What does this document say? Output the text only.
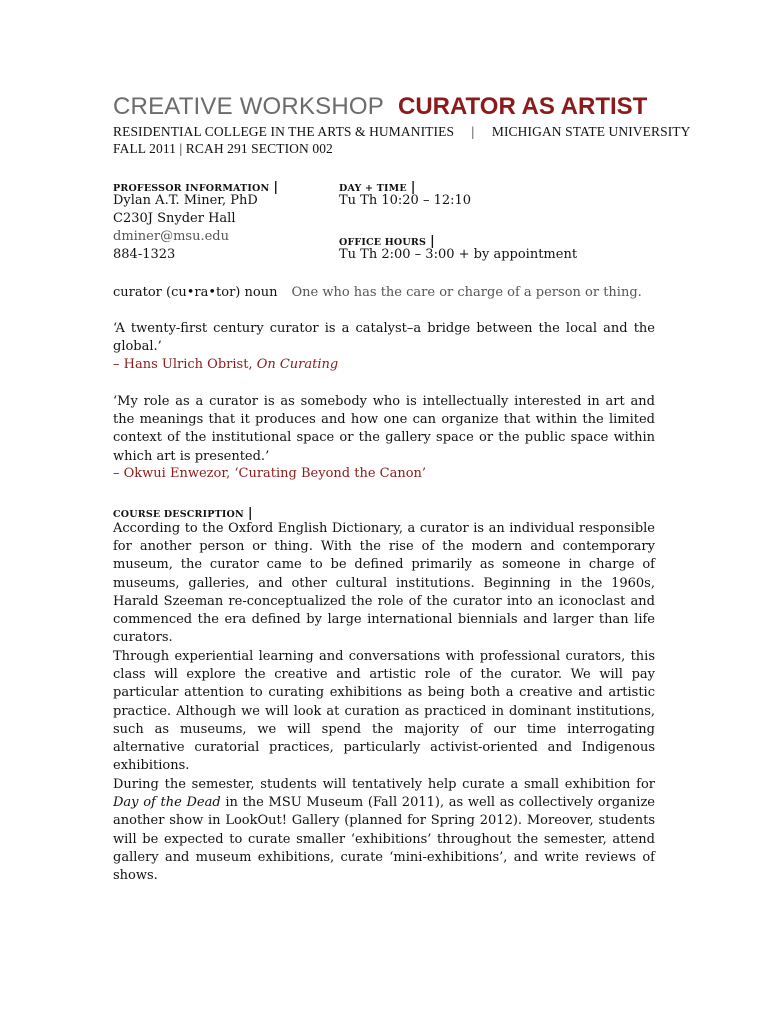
CREATIVE WORKSHOP CURATOR AS ARTIST
RESIDENTIAL COLLEGE IN THE ARTS & HUMANITIES | MICHIGAN STATE UNIVERSITY
FALL 2011 | RCAH 291 SECTION 002
PROFESSOR INFORMATION |
Dylan A.T. Miner, PhD
C230J Snyder Hall
dminer@msu.edu
884-1323
DAY + TIME |
Tu Th 10:20 – 12:10
OFFICE HOURS |
Tu Th 2:00 – 3:00 + by appointment
curator (cu•ra•tor) noun One who has the care or charge of a person or thing.
‘A twenty-first century curator is a catalyst–a bridge between the local and the global.’
– Hans Ulrich Obrist, On Curating
‘My role as a curator is as somebody who is intellectually interested in art and the meanings that it produces and how one can organize that within the limited context of the institutional space or the gallery space or the public space within which art is presented.’
– Okwui Enwezor, ‘Curating Beyond the Canon’
COURSE DESCRIPTION |
According to the Oxford English Dictionary, a curator is an individual responsible for another person or thing. With the rise of the modern and contemporary museum, the curator came to be defined primarily as someone in charge of museums, galleries, and other cultural institutions. Beginning in the 1960s, Harald Szeeman re-conceptualized the role of the curator into an iconoclast and commenced the era defined by large international biennials and larger than life curators.
Through experiential learning and conversations with professional curators, this class will explore the creative and artistic role of the curator. We will pay particular attention to curating exhibitions as being both a creative and artistic practice. Although we will look at curation as practiced in dominant institutions, such as museums, we will spend the majority of our time interrogating alternative curatorial practices, particularly activist-oriented and Indigenous exhibitions.
During the semester, students will tentatively help curate a small exhibition for Day of the Dead in the MSU Museum (Fall 2011), as well as collectively organize another show in LookOut! Gallery (planned for Spring 2012). Moreover, students will be expected to curate smaller ‘exhibitions’ throughout the semester, attend gallery and museum exhibitions, curate ‘mini-exhibitions’, and write reviews of shows.
